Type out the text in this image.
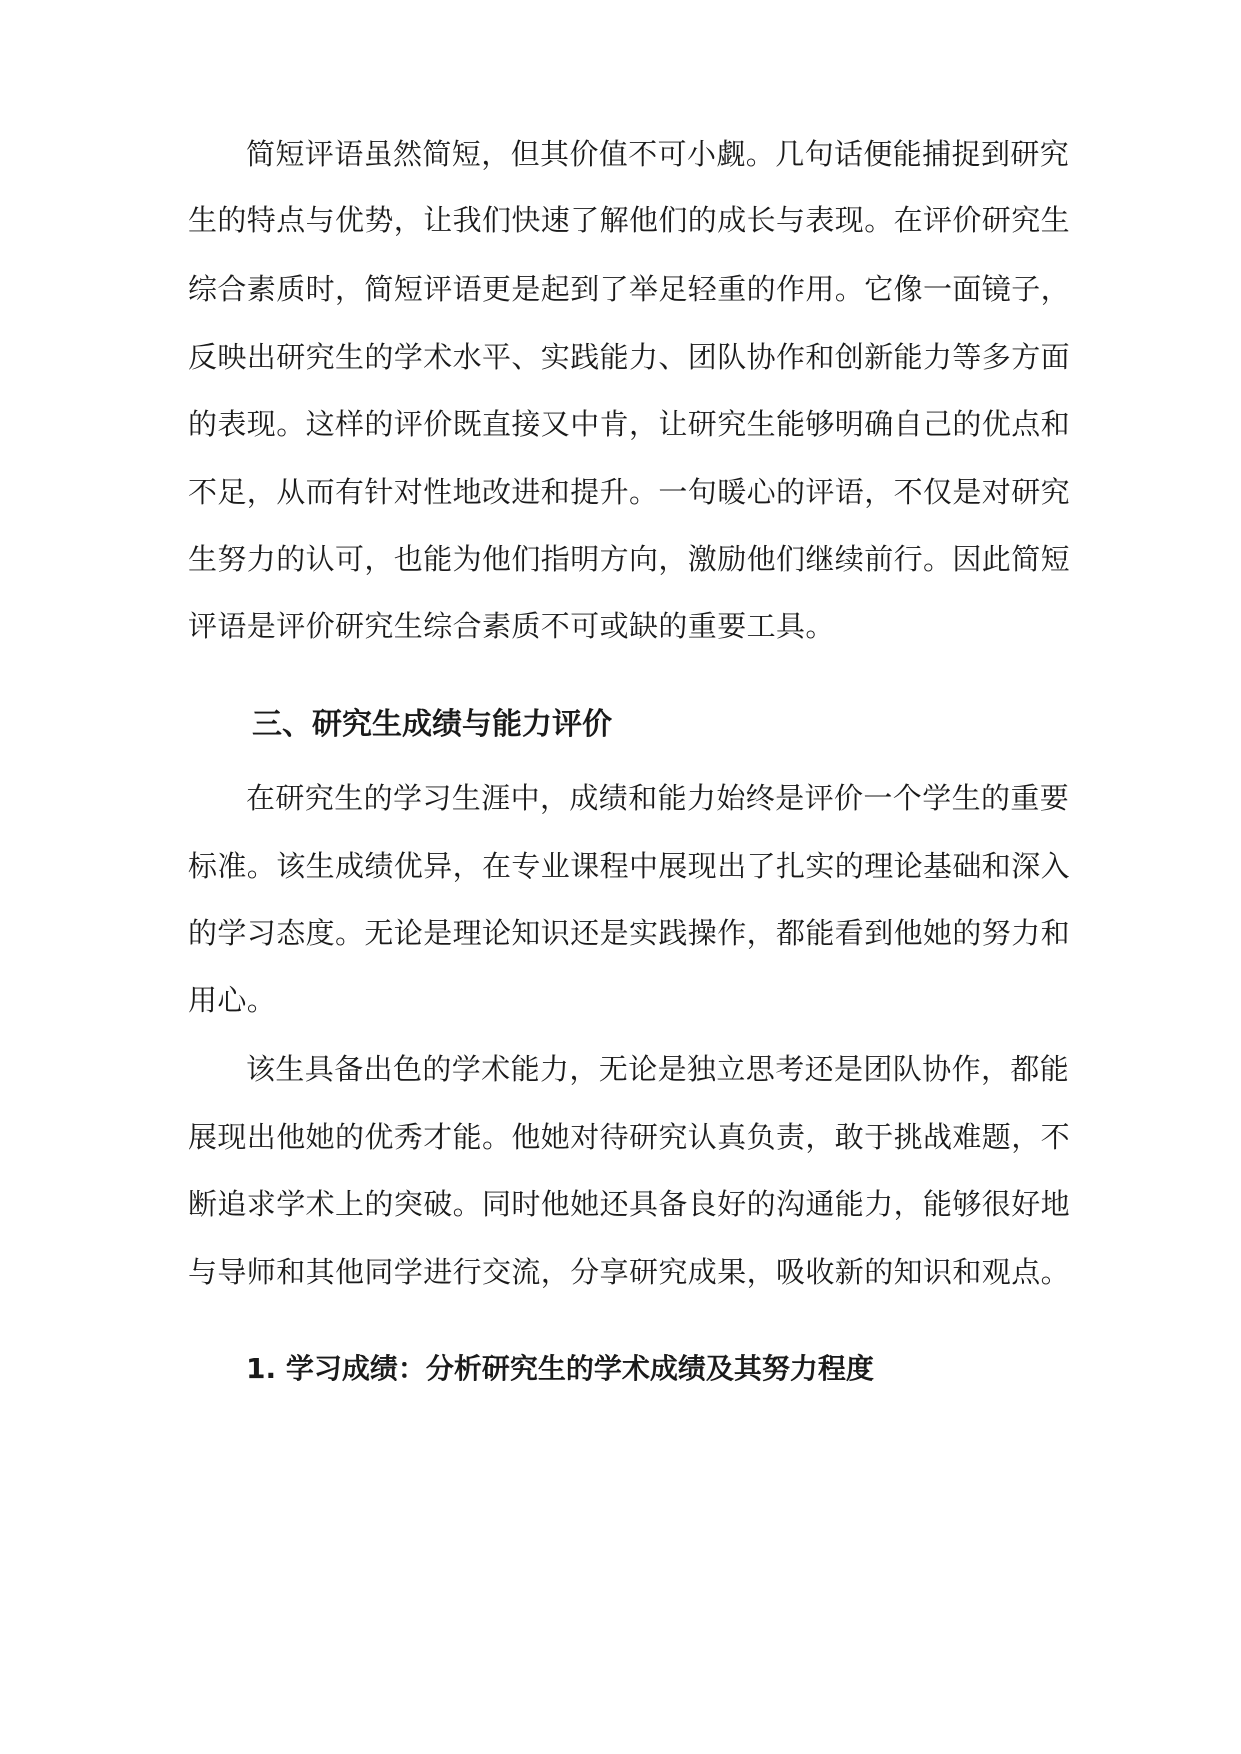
简短评语虽然简短，但其价值不可小觑。几句话便能捕捉到研究
生的特点与优势，让我们快速了解他们的成长与表现。在评价研究生
综合素质时，简短评语更是起到了举足轻重的作用。它像一面镜子，
反映出研究生的学术水平、实践能力、团队协作和创新能力等多方面
的表现。这样的评价既直接又中肯，让研究生能够明确自己的优点和
不足，从而有针对性地改进和提升。一句暖心的评语，不仅是对研究
生努力的认可，也能为他们指明方向，激励他们继续前行。因此简短
评语是评价研究生综合素质不可或缺的重要工具。
三、研究生成绩与能力评价
在研究生的学习生涯中，成绩和能力始终是评价一个学生的重要
标准。该生成绩优异，在专业课程中展现出了扎实的理论基础和深入
的学习态度。无论是理论知识还是实践操作，都能看到他她的努力和
用心。
该生具备出色的学术能力，无论是独立思考还是团队协作，都能
展现出他她的优秀才能。他她对待研究认真负责，敢于挑战难题，不
断追求学术上的突破。同时他她还具备良好的沟通能力，能够很好地
与导师和其他同学进行交流，分享研究成果，吸收新的知识和观点。
1. 学习成绩：分析研究生的学术成绩及其努力程度
